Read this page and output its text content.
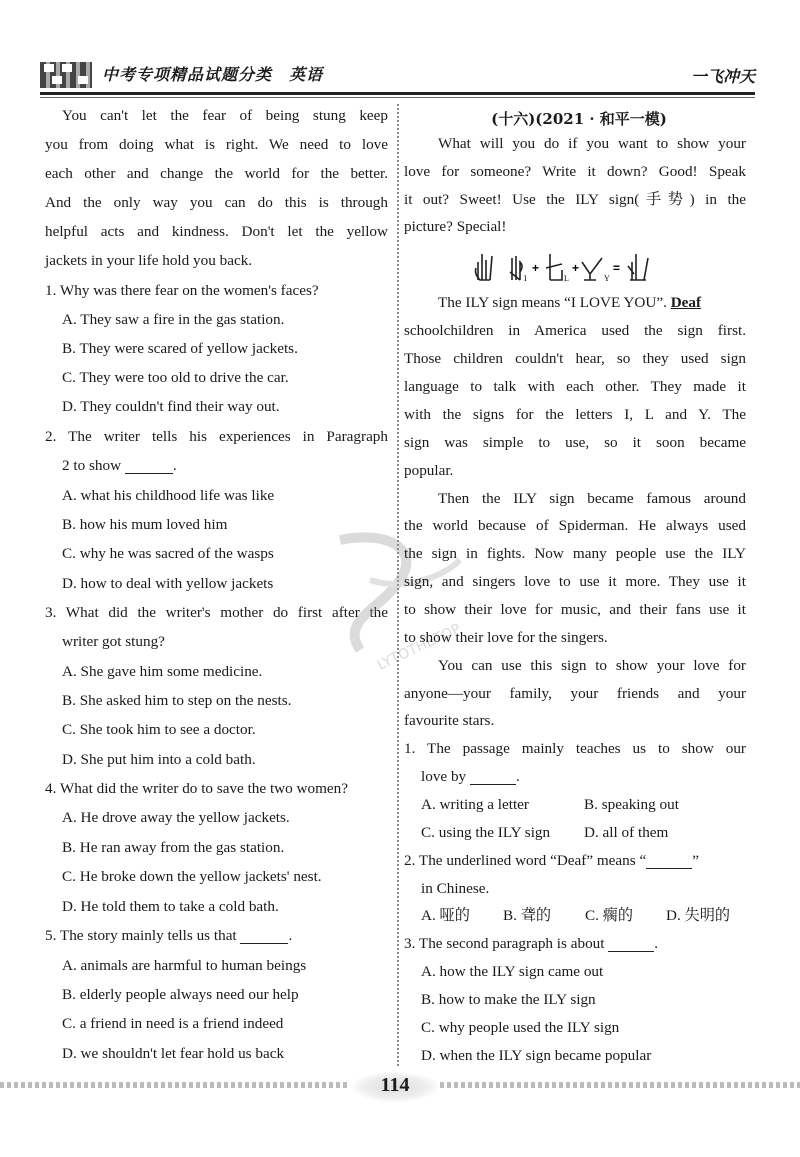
中考专项精品试题分类　英语	一飞冲天
You can't let the fear of being stung keep
you from doing what is right. We need to love
each other and change the world for the better.
And the only way you can do this is through
helpful acts and kindness. Don't let the yellow
jackets in your life hold you back.
1. Why was there fear on the women's faces?
A. They saw a fire in the gas station.
B. They were scared of yellow jackets.
C. They were too old to drive the car.
D. They couldn't find their way out.
2. The writer tells his experiences in Paragraph
A. what his childhood life was like
B. how his mum loved him
C. why he was sacred of the wasps
D. how to deal with yellow jackets
3. What did the writer's mother do first after the
writer got stung?
A. She gave him some medicine.
B. She asked him to step on the nests.
C. She took him to see a doctor.
D. She put him into a cold bath.
4. What did the writer do to save the two women?
A. He drove away the yellow jackets.
B. He ran away from the gas station.
C. He broke down the yellow jackets' nest.
D. He told them to take a cold bath.
A. animals are harmful to human beings
B. elderly people always need our help
C. a friend in need is a friend indeed
D. we shouldn't let fear hold us back
2 to show	.
5. The story mainly tells us that	.
LYTOTHETOP
(十六)(2021 · 和平一模)
What will you do if you want to show your
love for someone? Write it down? Good! Speak
it out? Sweet! Use the ILY sign(手势) in the
picture? Special!
schoolchildren in America used the sign first.
Those children couldn't hear, so they used sign
language to talk with each other. They made it
with the signs for the letters I, L and Y. The
sign was simple to use, so it soon became
popular.
Then the ILY sign became famous around
the world because of Spiderman. He always used
the sign in fights. Now many people use the ILY
sign, and singers love to use it more. They use it
to show their love for music, and their fans use it
to show their love for the singers.
You can use this sign to show your love for
anyone—your family, your friends and your
favourite stars.
1. The passage mainly teaches us to show our
A. writing a letter	B. speaking out
C. using the ILY sign D. all of them
in Chinese.
A. 哑的 B. 聋的 C. 瘸的 D. 失明的
A. how the ILY sign came out
B. how to make the ILY sign
C. why people used the ILY sign
D. when the ILY sign became popular
I
+
L
+
Y
=
The ILY sign means “I LOVE YOU”. Deaf
love by	.
2. The underlined word “Deaf” means “	”
3. The second paragraph is about	.
114
